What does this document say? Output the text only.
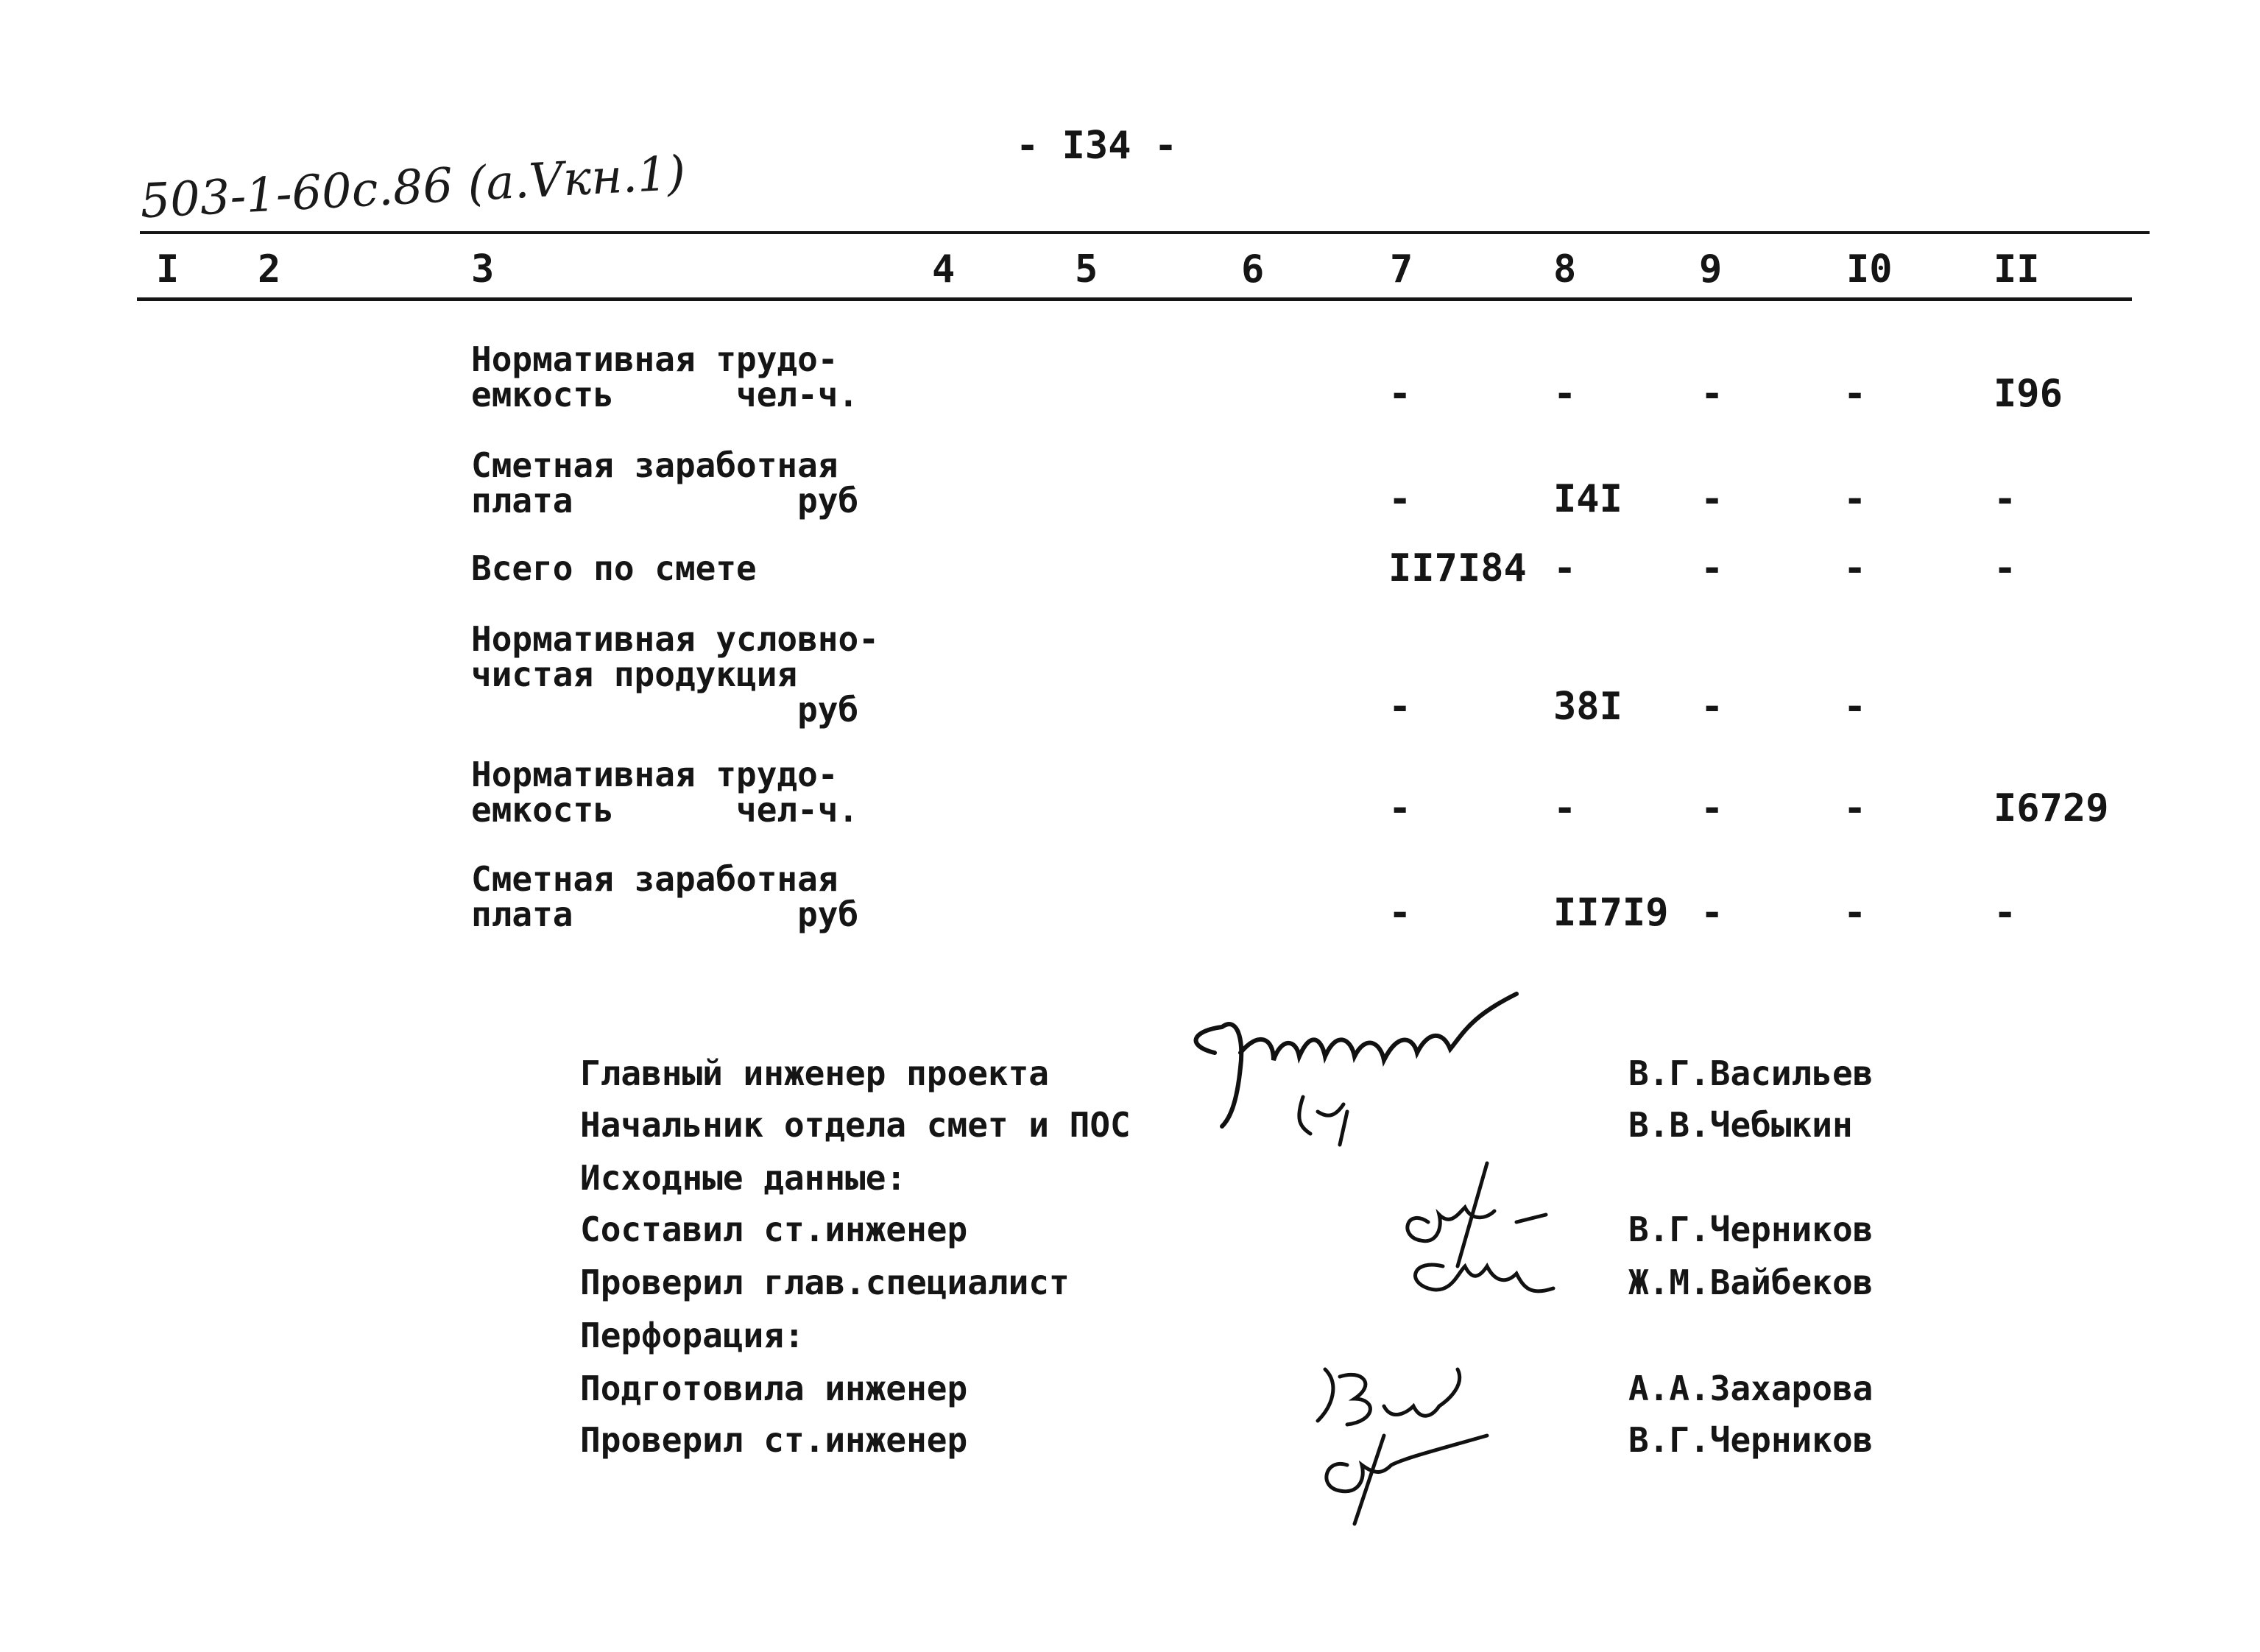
- I34 -
503-1-60с.86 (а.Vкн.1)
I 2	3	4	5	6	7	8	9	I0	II
Нормативная трудо-
емкость      чел-ч.	-	-	-	-	I96
Сметная заработная
плата           руб	-	I4I -	-	-
Всего по смете	II7I84 -	-	-	-
Нормативная условно-
чистая продукция
руб	-	38I -	-
Нормативная трудо-
емкость      чел-ч.	-	-	-	-	I6729
Сметная заработная
плата           руб	-	II7I9 -	-	-
Главный инженер проекта	В.Г.Васильев
Начальник отдела смет и ПОС	В.В.Чебыкин
Исходные данные:
Составил ст.инженер	В.Г.Черников
Проверил глав.специалист	Ж.М.Вайбеков
Перфорация:
Подготовила инженер	А.А.Захарова
Проверил ст.инженер	В.Г.Черников
